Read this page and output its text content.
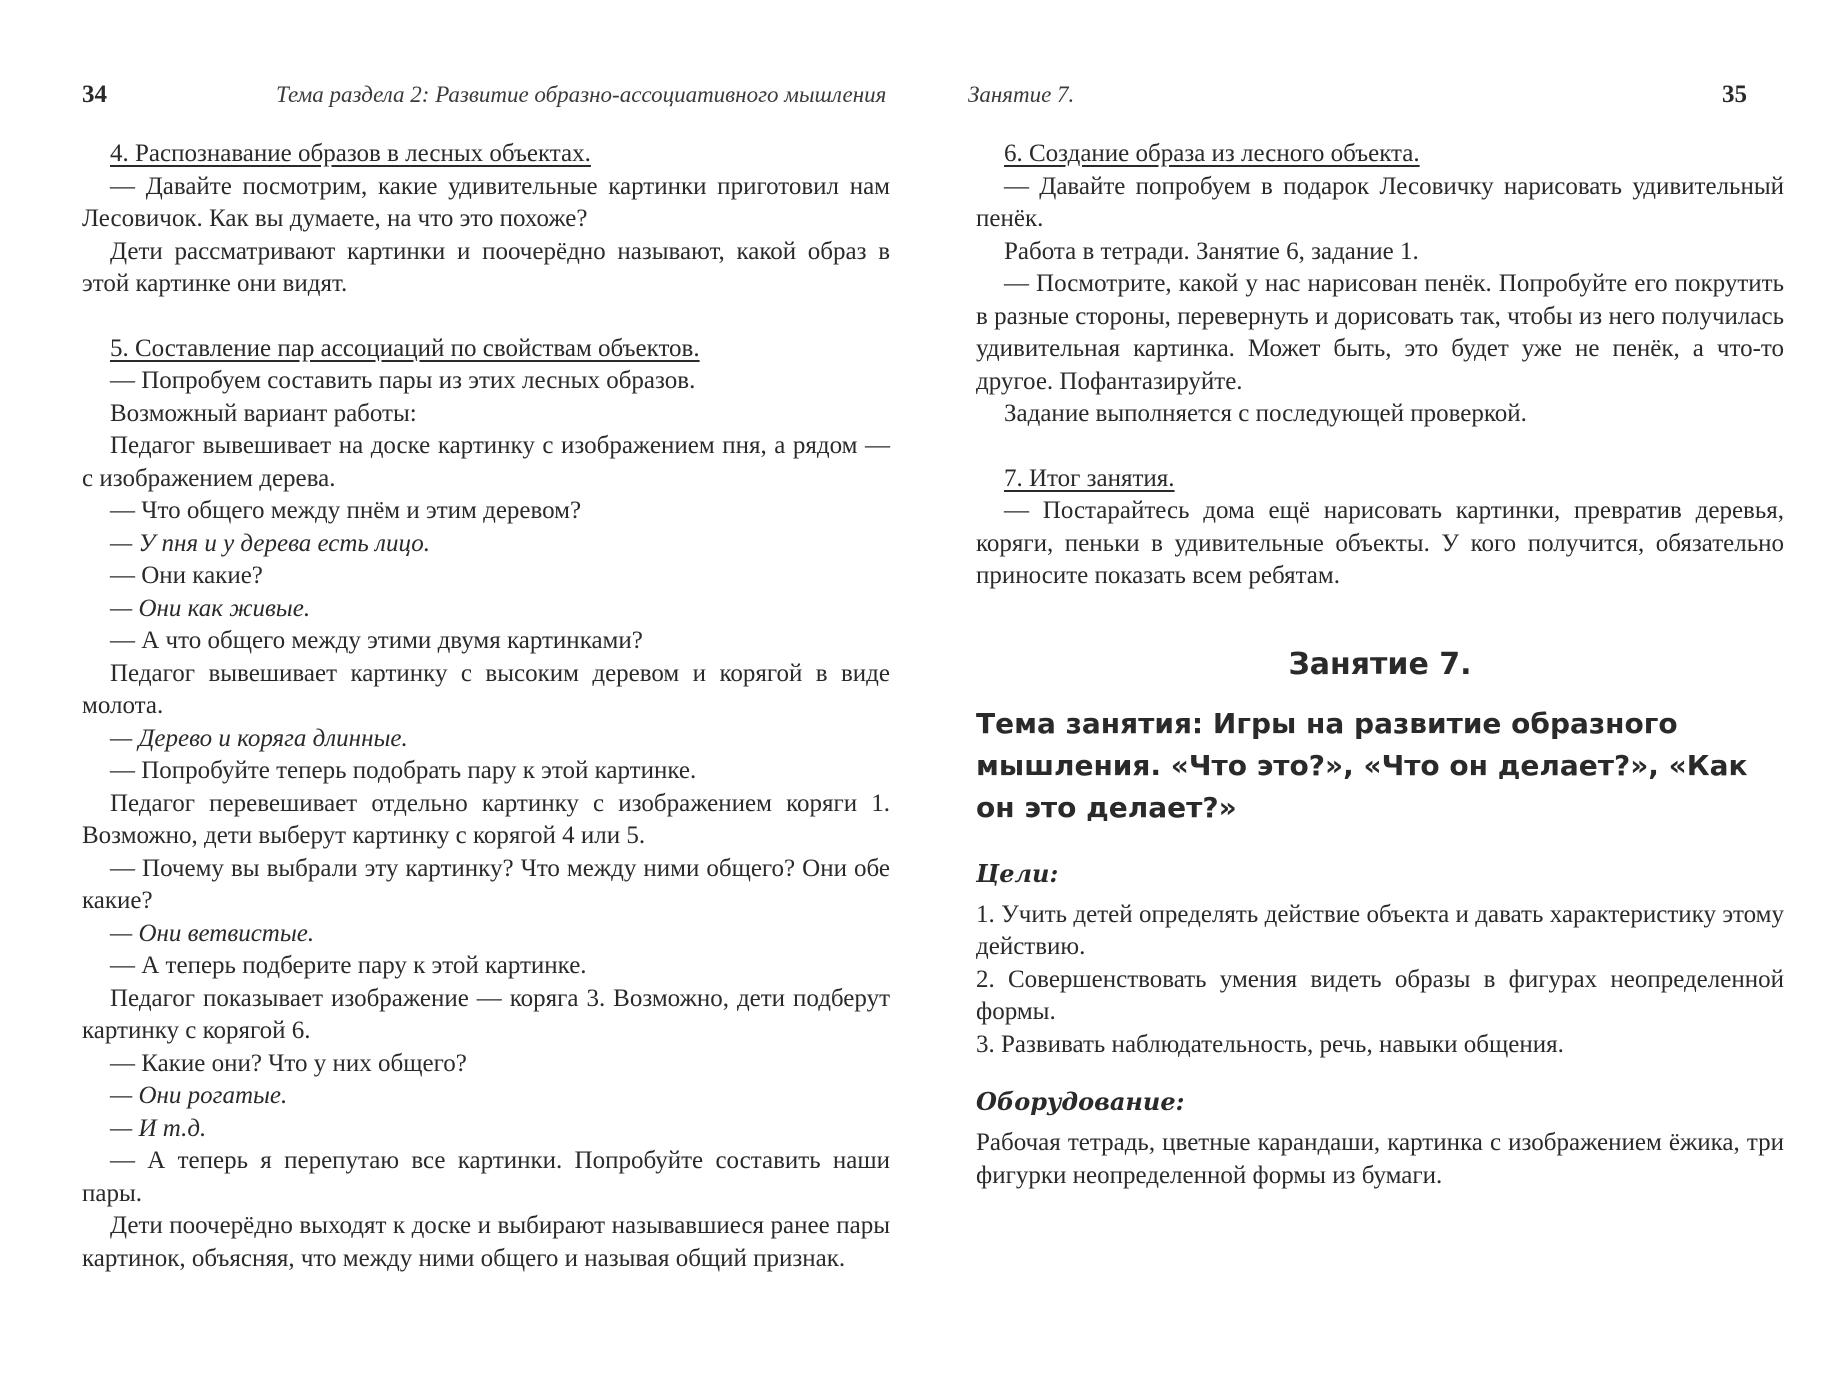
34	Тема раздела 2: Развитие образно-ассоциативного мышления

4. Распознавание образов в лесных объектах.

— Давайте посмотрим, какие удивительные картинки приготовил нам Лесовичок. Как вы думаете, на что это похоже?

Дети рассматривают картинки и поочерёдно называют, какой образ в этой картинке они видят.

5. Составление пар ассоциаций по свойствам объектов.

— Попробуем составить пары из этих лесных образов.

Возможный вариант работы:

Педагог вывешивает на доске картинку с изображением пня, а рядом — с изображением дерева.

— Что общего между пнём и этим деревом?

— У пня и у дерева есть лицо.

— Они какие?

— Они как живые.

— А что общего между этими двумя картинками?

Педагог вывешивает картинку с высоким деревом и корягой в виде молота.

— Дерево и коряга длинные.

— Попробуйте теперь подобрать пару к этой картинке.

Педагог перевешивает отдельно картинку с изображением коряги 1. Возможно, дети выберут картинку с корягой 4 или 5.

— Почему вы выбрали эту картинку? Что между ними общего? Они обе какие?

— Они ветвистые.

— А теперь подберите пару к этой картинке.

Педагог показывает изображение — коряга 3. Возможно, дети подберут картинку с корягой 6.

— Какие они? Что у них общего?

— Они рогатые.

— И т.д.

— А теперь я перепутаю все картинки. Попробуйте составить наши пары.

Дети поочерёдно выходят к доске и выбирают называвшиеся ранее пары картинок, объясняя, что между ними общего и называя общий признак.

Занятие 7.	35

6. Создание образа из лесного объекта.

— Давайте попробуем в подарок Лесовичку нарисовать удивительный пенёк.

Работа в тетради. Занятие 6, задание 1.

— Посмотрите, какой у нас нарисован пенёк. Попробуйте его покрутить в разные стороны, перевернуть и дорисовать так, чтобы из него получилась удивительная картинка. Может быть, это будет уже не пенёк, а что-то другое. Пофантазируйте.

Задание выполняется с последующей проверкой.

7. Итог занятия.

— Постарайтесь дома ещё нарисовать картинки, превратив деревья, коряги, пеньки в удивительные объекты. У кого получится, обязательно приносите показать всем ребятам.

Занятие 7.
Тема занятия: Игры на развитие образного мышления. «Что это?», «Что он делает?», «Как он это делает?»
Цели:

1. Учить детей определять действие объекта и давать характеристику этому действию.

2. Совершенствовать умения видеть образы в фигурах неопределенной формы.

3. Развивать наблюдательность, речь, навыки общения.

Оборудование:

Рабочая тетрадь, цветные карандаши, картинка с изображением ёжика, три фигурки неопределенной формы из бумаги.
